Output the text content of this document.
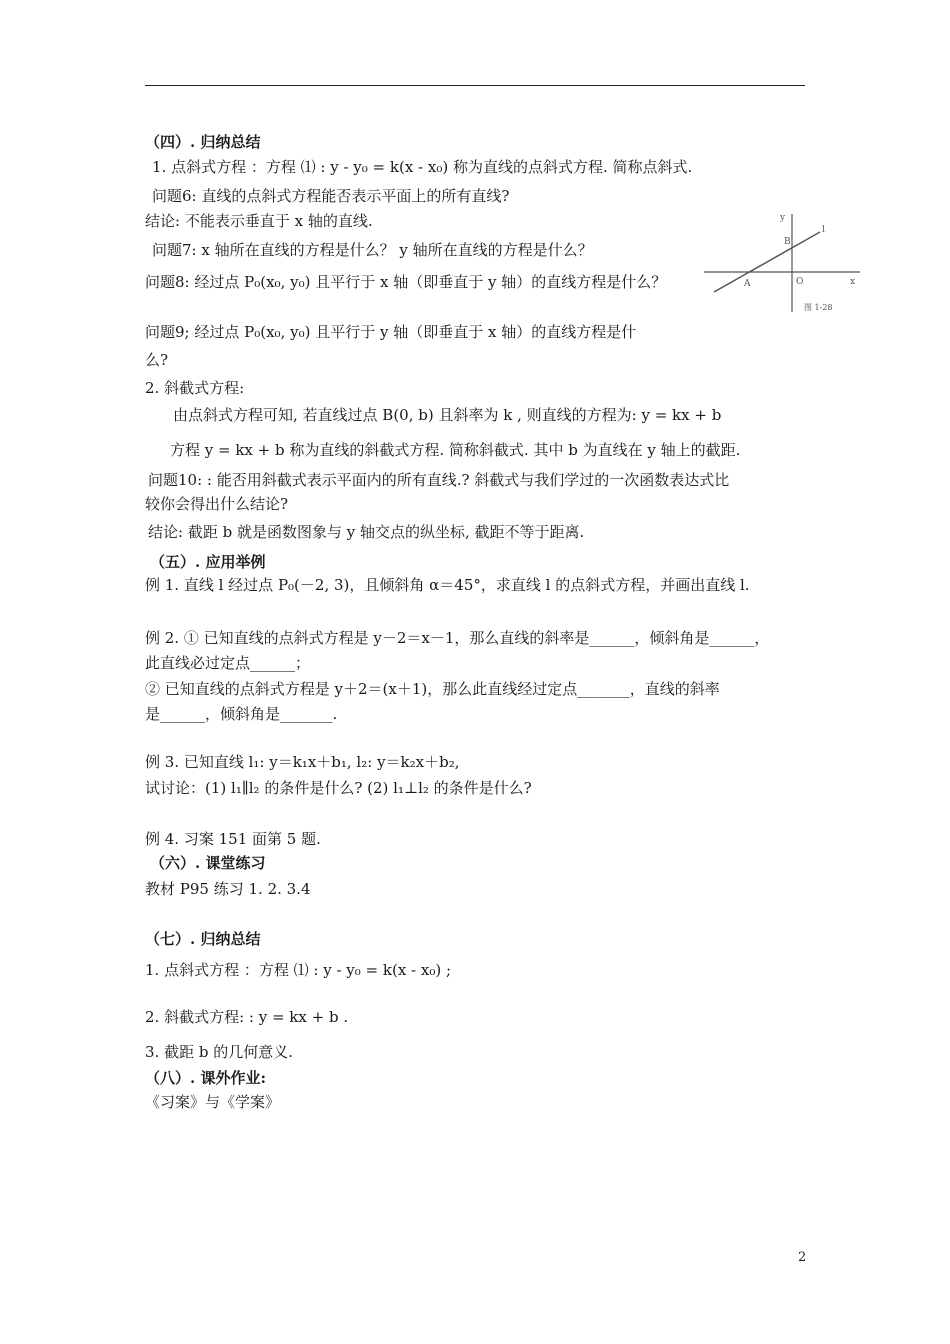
（四）. 归纳总结
1. 点斜式方程 ：方程 ⑴ : y - y₀ = k(x - x₀) 称为直线的点斜式方程. 简称点斜式.
问题6: 直线的点斜式方程能否表示平面上的所有直线?
结论: 不能表示垂直于 x 轴的直线.
问题7: x 轴所在直线的方程是什么？ y 轴所在直线的方程是什么？
问题8: 经过点 P₀(x₀, y₀) 且平行于 x 轴（即垂直于 y 轴）的直线方程是什么？
问题9; 经过点 P₀(x₀, y₀) 且平行于 y 轴（即垂直于 x 轴）的直线方程是什
么?
2. 斜截式方程:
由点斜式方程可知, 若直线过点 B(0, b) 且斜率为 k , 则直线的方程为: y = kx + b
方程 y = kx + b 称为直线的斜截式方程. 简称斜截式. 其中 b 为直线在 y 轴上的截距.
问题10: : 能否用斜截式表示平面内的所有直线.? 斜截式与我们学过的一次函数表达式比
较你会得出什么结论?
结论: 截距 b 就是函数图象与 y 轴交点的纵坐标, 截距不等于距离.
（五）. 应用举例
例 1. 直线 l 经过点 P₀(－2, 3)，且倾斜角 α＝45°，求直线 l 的点斜式方程，并画出直线 l.
例 2. ① 已知直线的点斜式方程是 y－2＝x－1，那么直线的斜率是______，倾斜角是______，
此直线必过定点______；
② 已知直线的点斜式方程是 y＋2＝(x＋1)，那么此直线经过定点_______，直线的斜率
是______，倾斜角是_______.
例 3. 已知直线 l₁: y＝k₁x＋b₁, l₂: y＝k₂x＋b₂,
试讨论：(1) l₁∥l₂ 的条件是什么? (2) l₁⊥l₂ 的条件是什么?
例 4. 习案 151 面第 5 题.
（六）. 课堂练习
教材 P95 练习 1. 2. 3.4
（七）. 归纳总结
1. 点斜式方程 ：方程 ⑴ : y - y₀ = k(x - x₀) ;
2. 斜截式方程: : y = kx + b .
3. 截距 b 的几何意义.
（八）. 课外作业:
《习案》与《学案》
y
x
O
A
B
l
图 1-28
2
